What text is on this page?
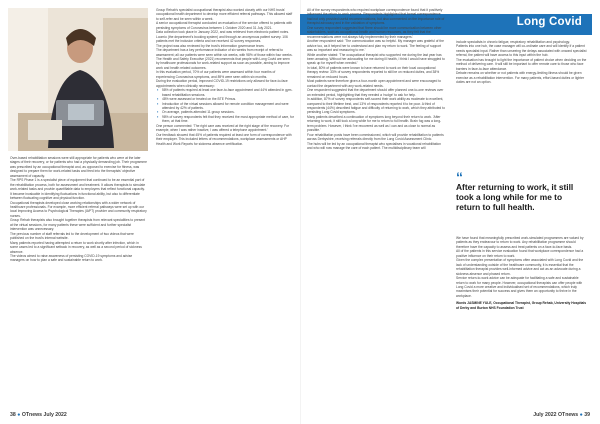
Long Covid

Over-based rehabilitation sessions were still appropriate for patients who were at the later stages of their recovery, or for patients who had a physically demanding job. Their programme was prescribed by an occupational therapist and, as opposed to exercise for fitness, was designed to prepare them for work-related tasks and feed into the therapists' objective assessment of capacity.

The RPS Phase 1 is a specialist piece of equipment that continued to be an essential part of the rehabilitation process, both for assessment and treatment. It allows therapists to simulate work-related tasks and provide quantifiable data to employers that reflect functional capacity.

It became invaluable in identifying fluctuations in functional ability, but also to differentiate between fluctuating cognitive and physical function.

Occupational therapists developed close working relationships with a wider network of healthcare professionals. For example, more efficient referral pathways were set up with our local Improving Access to Psychological Therapies (IAPT) provider and community respiratory nurses.

Group Rehab therapists also brought together therapists from relevant specialities to present at the virtual sessions, for many patients these were sufficient and further specialist intervention was unnecessary.

The previous number of staff referrals led to the development of two videos that were published on the trust's internal website.

Many patients reported having attempted a return to work shortly after infection, which in some cases led to a significant setback in recovery, as well as a second period of sickness absence.

The videos aimed to raise awareness of persisting COVID-19 symptoms and advise managers on how to plan a safe and sustainable return to work.

Group Rehab's specialist occupational therapist also worked closely with our NHS trusts' occupational health department to develop more efficient referral pathways. This allowed staff to self-refer and be seen within a week.

A senior occupational therapist conducted an evaluation of the service offered to patients with persisting symptoms of Coronavirus between 1 October 2020 and 31 July 2021.

Data collection took place in January 2022, and was retrieved from electronic patient notes. Loomio (the department's booking system) and through an anonymous patient survey. 106 patients met the inclusion criteria and we received 42 survey responses.

The project was also reviewed by the trust's information governance team.

The department has a key performance indicator of six weeks from receipt of referral to assessment; all our patients were seen within six weeks, with 98% of those within four weeks.

The Health and Safety Executive (2021) recommends that people with Long Covid are seen by healthcare professionals for work-related support as soon as possible, aiming to improve work and health related outcomes.

In this evaluation period, 70% of our patients were assessed within four months of experiencing Coronavirus symptoms, and 89% were seen within six months.

During the evaluation period, improved COVID-19 restrictions only allowed for face-to-face appointments when clinically necessary:

▪ 58% of patients required at least one face-to-face appointment and 44% attended in gym-based rehabilitation sessions.
▪ 48% were assessed or treated on the BTE Primus.
▪ Introduction of the virtual sessions allowed for remote condition management and were attended by 42% of patients.
▪ On average, patients attended 11 group sessions.
▪ 98% of survey respondents felt that they received the most appropriate method of care, for them, at that time.

One person commented: 'The right care was received at the right stage of the recovery. For example, when I was rather inactive, I was offered a telephone appointment.'

Our feedback showed that 45% of patients required at least one form of correspondence with their employer. This included letters of recommendations, workplace assessments or AHP Health and Work Reports for sickness absence certification.

All of the survey respondents who required workplace correspondence found that it positively influenced the return-to-work process. Respondents highlighted that formal correspondence had not only provided useful recommendations, but also commented on the importance role of therapist advocacy and in the validation of symptoms.

One survey respondent suggested that 'there should be more communication between other stakeholders, such as occupational health and human resources, as they felt that the recommendations were not always fully implemented by their managers.'

Another respondent said: 'The communication was so helpful. My manager was grateful of the advice too, as it helped her to understand and plan my return to work. The feeling of support was so important and reassuring to me.'

While another stated: 'The occupational therapist who supported me during the last year has been amazing. Without her advocating for me during ill health, I think I would have struggled to speak up for myself when needed.'

In total, 80% of patients were known to have returned to work on their local occupational therapy review. 33% of survey respondents reported to still be on reduced duties, and 38% remained on reduced hours.

Most patients were therefore given a four-month open appointment and were encouraged to contact the department with any work-related needs.

One respondent suggested that the department should offer planned one-to-one reviews over an extended period, highlighting that they needed a 'nudge' to ask for help.

In addition, 87% of survey respondents self-scored their work ability as moderate to excellent, compared to their lifetime best, and 13% of respondents reported it to be poor. A third of respondents (44%) described fatigue and difficulty of returning to work, which they attributed to persisting Long Covid symptoms.

Many patients described a continuation of symptoms long beyond their return to work. 'After returning to work, it still took a long while for me to return to full health. Brain fog was a long-term problem. However, I think I've recovered as well as I can and as close to normal as possible.'

Four rehabilitation posts have been commissioned, which will provide rehabilitation to patients across Derbyshire, receiving referrals directly from the Long Covid Assessment Clinic.

The hubs will be led by an occupational therapist who specialises in vocational rehabilitation and who will now manage the care of each patient. The multidisciplinary team will

include specialists in chronic fatigue, respiratory rehabilitation and psychology.

Patients into one hub, the case manager will co-ordinate care and will identify if a patient needs specialist input. Rather than unseeing the delays associated with onward specialist referral, the patient will have access to this input within the hub.

The evaluation has brought to light the importance of patient choice when deciding on the method of delivering care. It will still be important to offer remote care to those who face barriers in face-to-face attendance.

Debate remains on whether or not patients with energy-limiting illness should be given exercise as a rehabilitation intervention. For many patients, effort-based duties or lighter duties are not an option.

“
After returning to work, it still took a long while for me to return to full health.

We have found that meaningfully prescribed work-simulated programmes are valued by patients as they endeavour to return to work. Any rehabilitation programme should therefore have the capacity to assess and treat patients on a face-to-face basis.

All of the patients in this service evaluation found that workplace correspondence had a positive influence on their return to work.

Given the complex presentation of symptoms often associated with Long Covid and the lack of understanding outside of the healthcare community, it is essential that the rehabilitation therapist provides well-informed advice and act as an advocate during a sickness absence and phased return.

Service return-to-work advice can be adequate for facilitating a safe and sustainable return to work for many people. However, occupational therapists can offer people with Long Covid a more creative and individualised set of recommendations, which truly maximises their potential for success and gives them an opportunity to thrive in the workplace.

Words JASMINE YULE, Occupational Therapist, Group Rehab, University Hospitals of Derby and Burton NHS Foundation Trust

38 ● OTnews July 2022	July 2022 OTnews ● 39
